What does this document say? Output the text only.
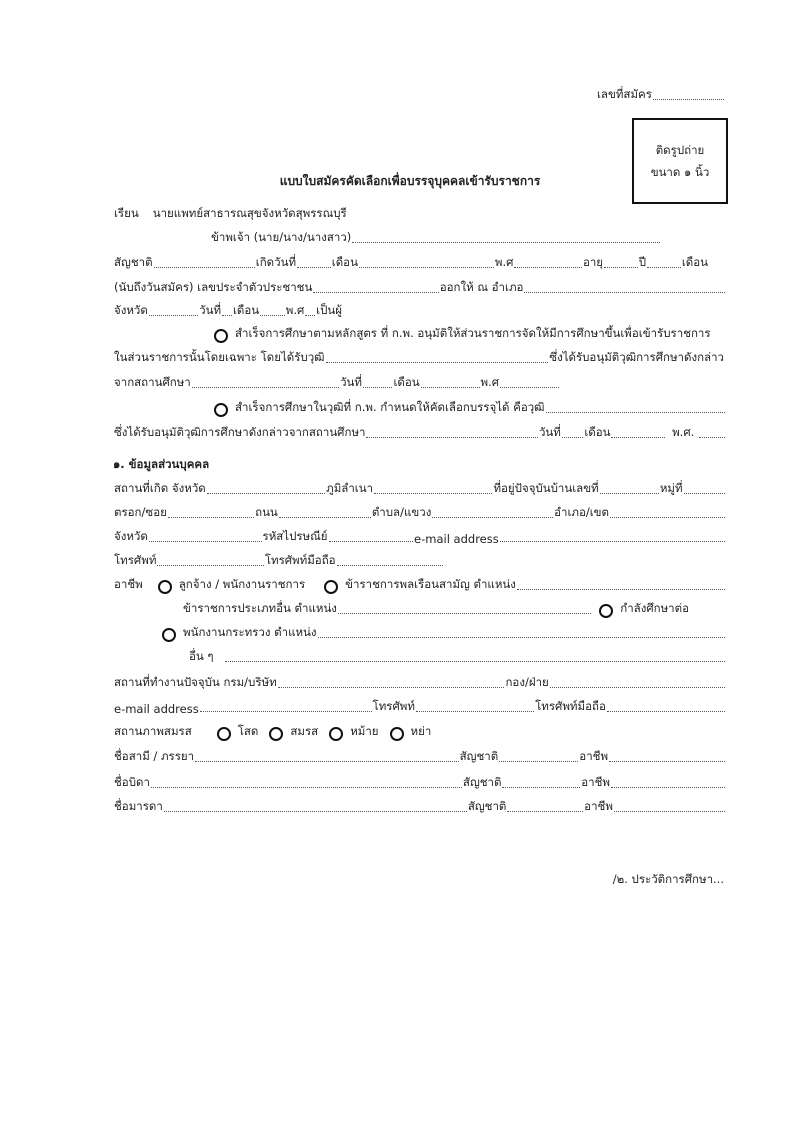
เลขที่สมัคร
ติดรูปถ่าย
ขนาด ๑ นิ้ว
แบบใบสมัครคัดเลือกเพื่อบรรจุบุคคลเข้ารับราชการ
เรียน นายแพทย์สาธารณสุขจังหวัดสุพรรณบุรี
ข้าพเจ้า (นาย/นาง/นางสาว)
สัญชาติ	เกิดวันที่	เดือน	พ.ศ	อายุ	ปี	เดือน
(นับถึงวันสมัคร) เลขประจำตัวประชาชน	ออกให้ ณ อำเภอ
จังหวัด	วันที่ เดือน พ.ศ เป็นผู้
สำเร็จการศึกษาตามหลักสูตร ที่ ก.พ. อนุมัติให้ส่วนราชการจัดให้มีการศึกษาขึ้นเพื่อเข้ารับราชการ
ในส่วนราชการนั้นโดยเฉพาะ โดยได้รับวุฒิ	ซึ่งได้รับอนุมัติวุฒิการศึกษาดังกล่าว
จากสถานศึกษา	วันที่	เดือน	พ.ศ
สำเร็จการศึกษาในวุฒิที่ ก.พ. กำหนดให้คัดเลือกบรรจุได้ คือวุฒิ
ซึ่งได้รับอนุมัติวุฒิการศึกษาดังกล่าวจากสถานศึกษา	วันที่ เดือน	พ.ศ.
๑. ข้อมูลส่วนบุคคล
สถานที่เกิด จังหวัด	ภูมิลำเนา	ที่อยู่ปัจจุบันบ้านเลขที่	หมู่ที่
ตรอก/ซอย	ถนน	ตำบล/แขวง	อำเภอ/เขต
จังหวัด	รหัสไปรษณีย์	e-mail address
โทรศัพท์	โทรศัพท์มือถือ
อาชีพ	ลูกจ้าง / พนักงานราชการ	ข้าราชการพลเรือนสามัญ ตำแหน่ง
ข้าราชการประเภทอื่น ตำแหน่ง	กำลังศึกษาต่อ
พนักงานกระทรวง ตำแหน่ง
อื่น ๆ
สถานที่ทำงานปัจจุบัน กรม/บริษัท	กอง/ฝ่าย
e-mail address	โทรศัพท์	โทรศัพท์มือถือ
สถานภาพสมรส	โสด	สมรส	หม้าย	หย่า
ชื่อสามี / ภรรยา	สัญชาติ	อาชีพ
ชื่อบิดา	สัญชาติ	อาชีพ
ชื่อมารดา	สัญชาติ	อาชีพ
/๒. ประวัติการศึกษา...
